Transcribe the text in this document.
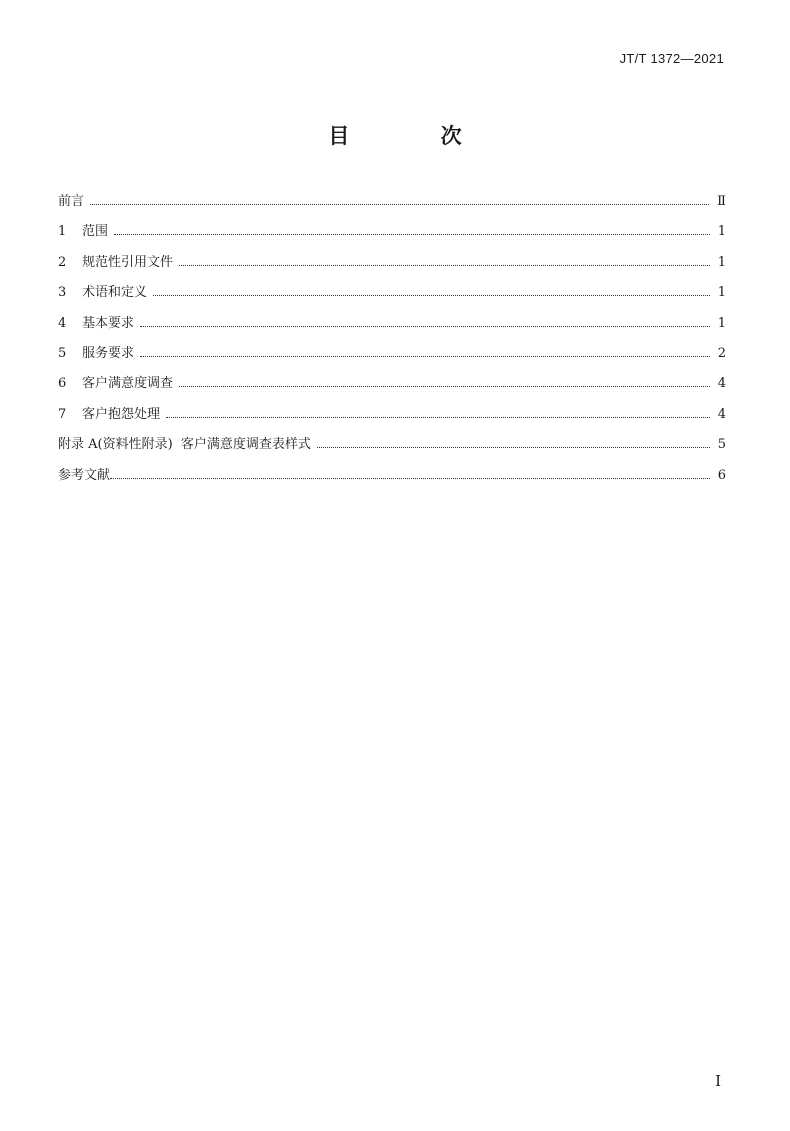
JT/T 1372—2021
目 次
前言	Ⅱ
1	范围	1
2	规范性引用文件	1
3	术语和定义	1
4	基本要求	1
5	服务要求	2
6	客户满意度调查	4
7	客户抱怨处理	4
附录 A(资料性附录)  客户满意度调查表样式	5
参考文献	6
I
